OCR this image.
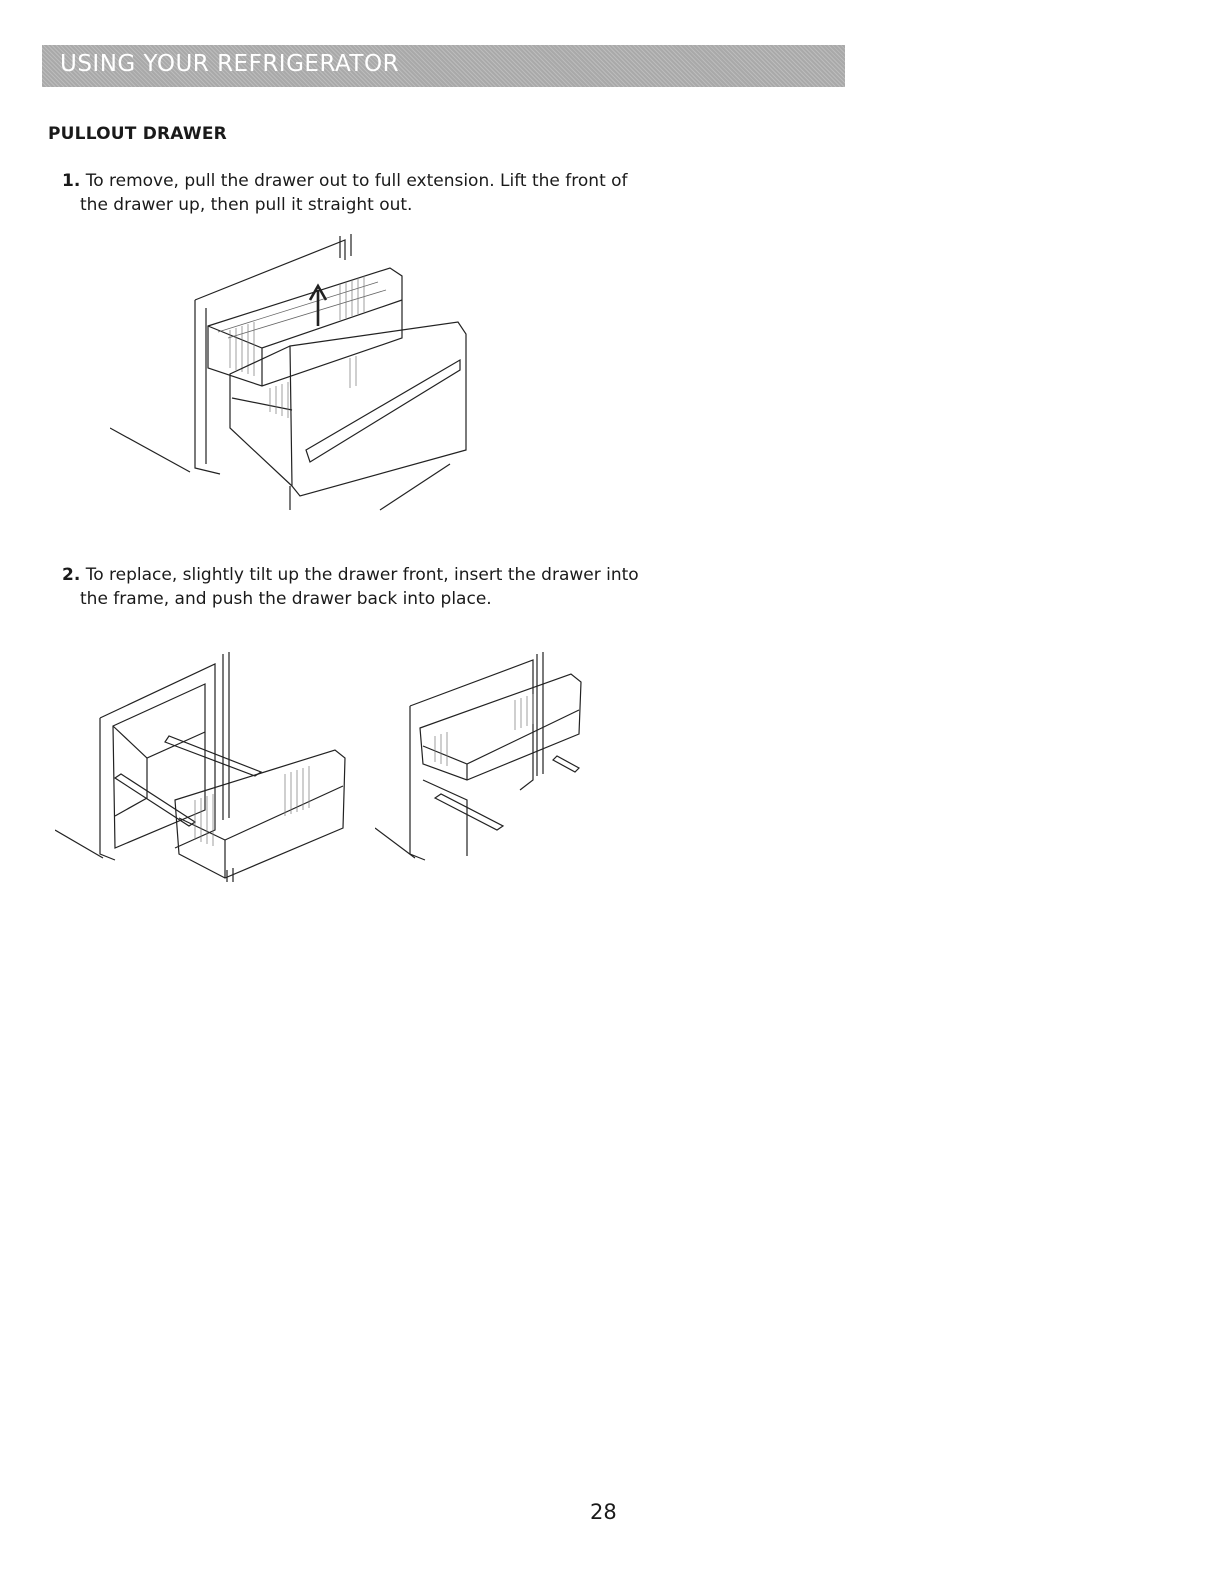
USING YOUR REFRIGERATOR
PULLOUT DRAWER

1. To remove, pull the drawer out to full extension. Lift the front of the drawer up, then pull it straight out.

2. To replace, slightly tilt up the drawer front, insert the drawer into the frame, and push the drawer back into place.

28
